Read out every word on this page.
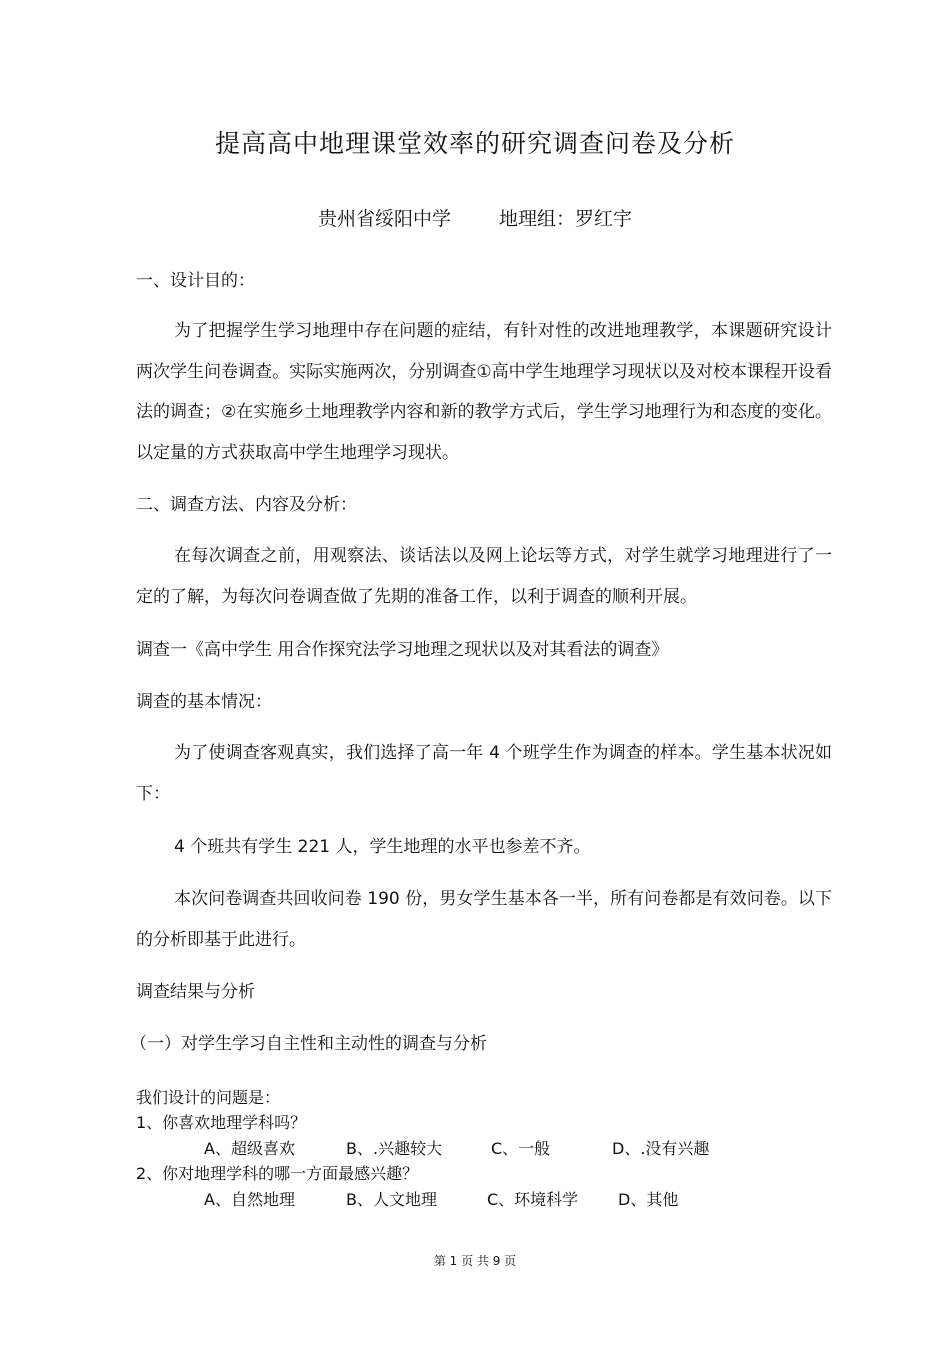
提高高中地理课堂效率的研究调查问卷及分析
贵州省绥阳中学	地理组：罗红宇
一、设计目的：
为了把握学生学习地理中存在问题的症结，有针对性的改进地理教学，本课题研究设计两次学生问卷调查。实际实施两次，分别调查①高中学生地理学习现状以及对校本课程开设看法的调查；②在实施乡土地理教学内容和新的教学方式后，学生学习地理行为和态度的变化。以定量的方式获取高中学生地理学习现状。
二、调查方法、内容及分析：
在每次调查之前，用观察法、谈话法以及网上论坛等方式，对学生就学习地理进行了一定的了解，为每次问卷调查做了先期的准备工作，以利于调查的顺利开展。
调查一《高中学生 用合作探究法学习地理之现状以及对其看法的调查》
调查的基本情况：
为了使调查客观真实，我们选择了高一年 4 个班学生作为调查的样本。学生基本状况如下：
4 个班共有学生 221 人，学生地理的水平也参差不齐。
本次问卷调查共回收问卷 190 份，男女学生基本各一半，所有问卷都是有效问卷。以下的分析即基于此进行。
调查结果与分析
（一）对学生学习自主性和主动性的调查与分析
我们设计的问题是：
1、你喜欢地理学科吗？
A、超级喜欢	B、.兴趣较大	C、一般	D、.没有兴趣
2、你对地理学科的哪一方面最感兴趣？
A、自然地理	B、人文地理	C、环境科学 D、其他
第 1 页 共 9 页
